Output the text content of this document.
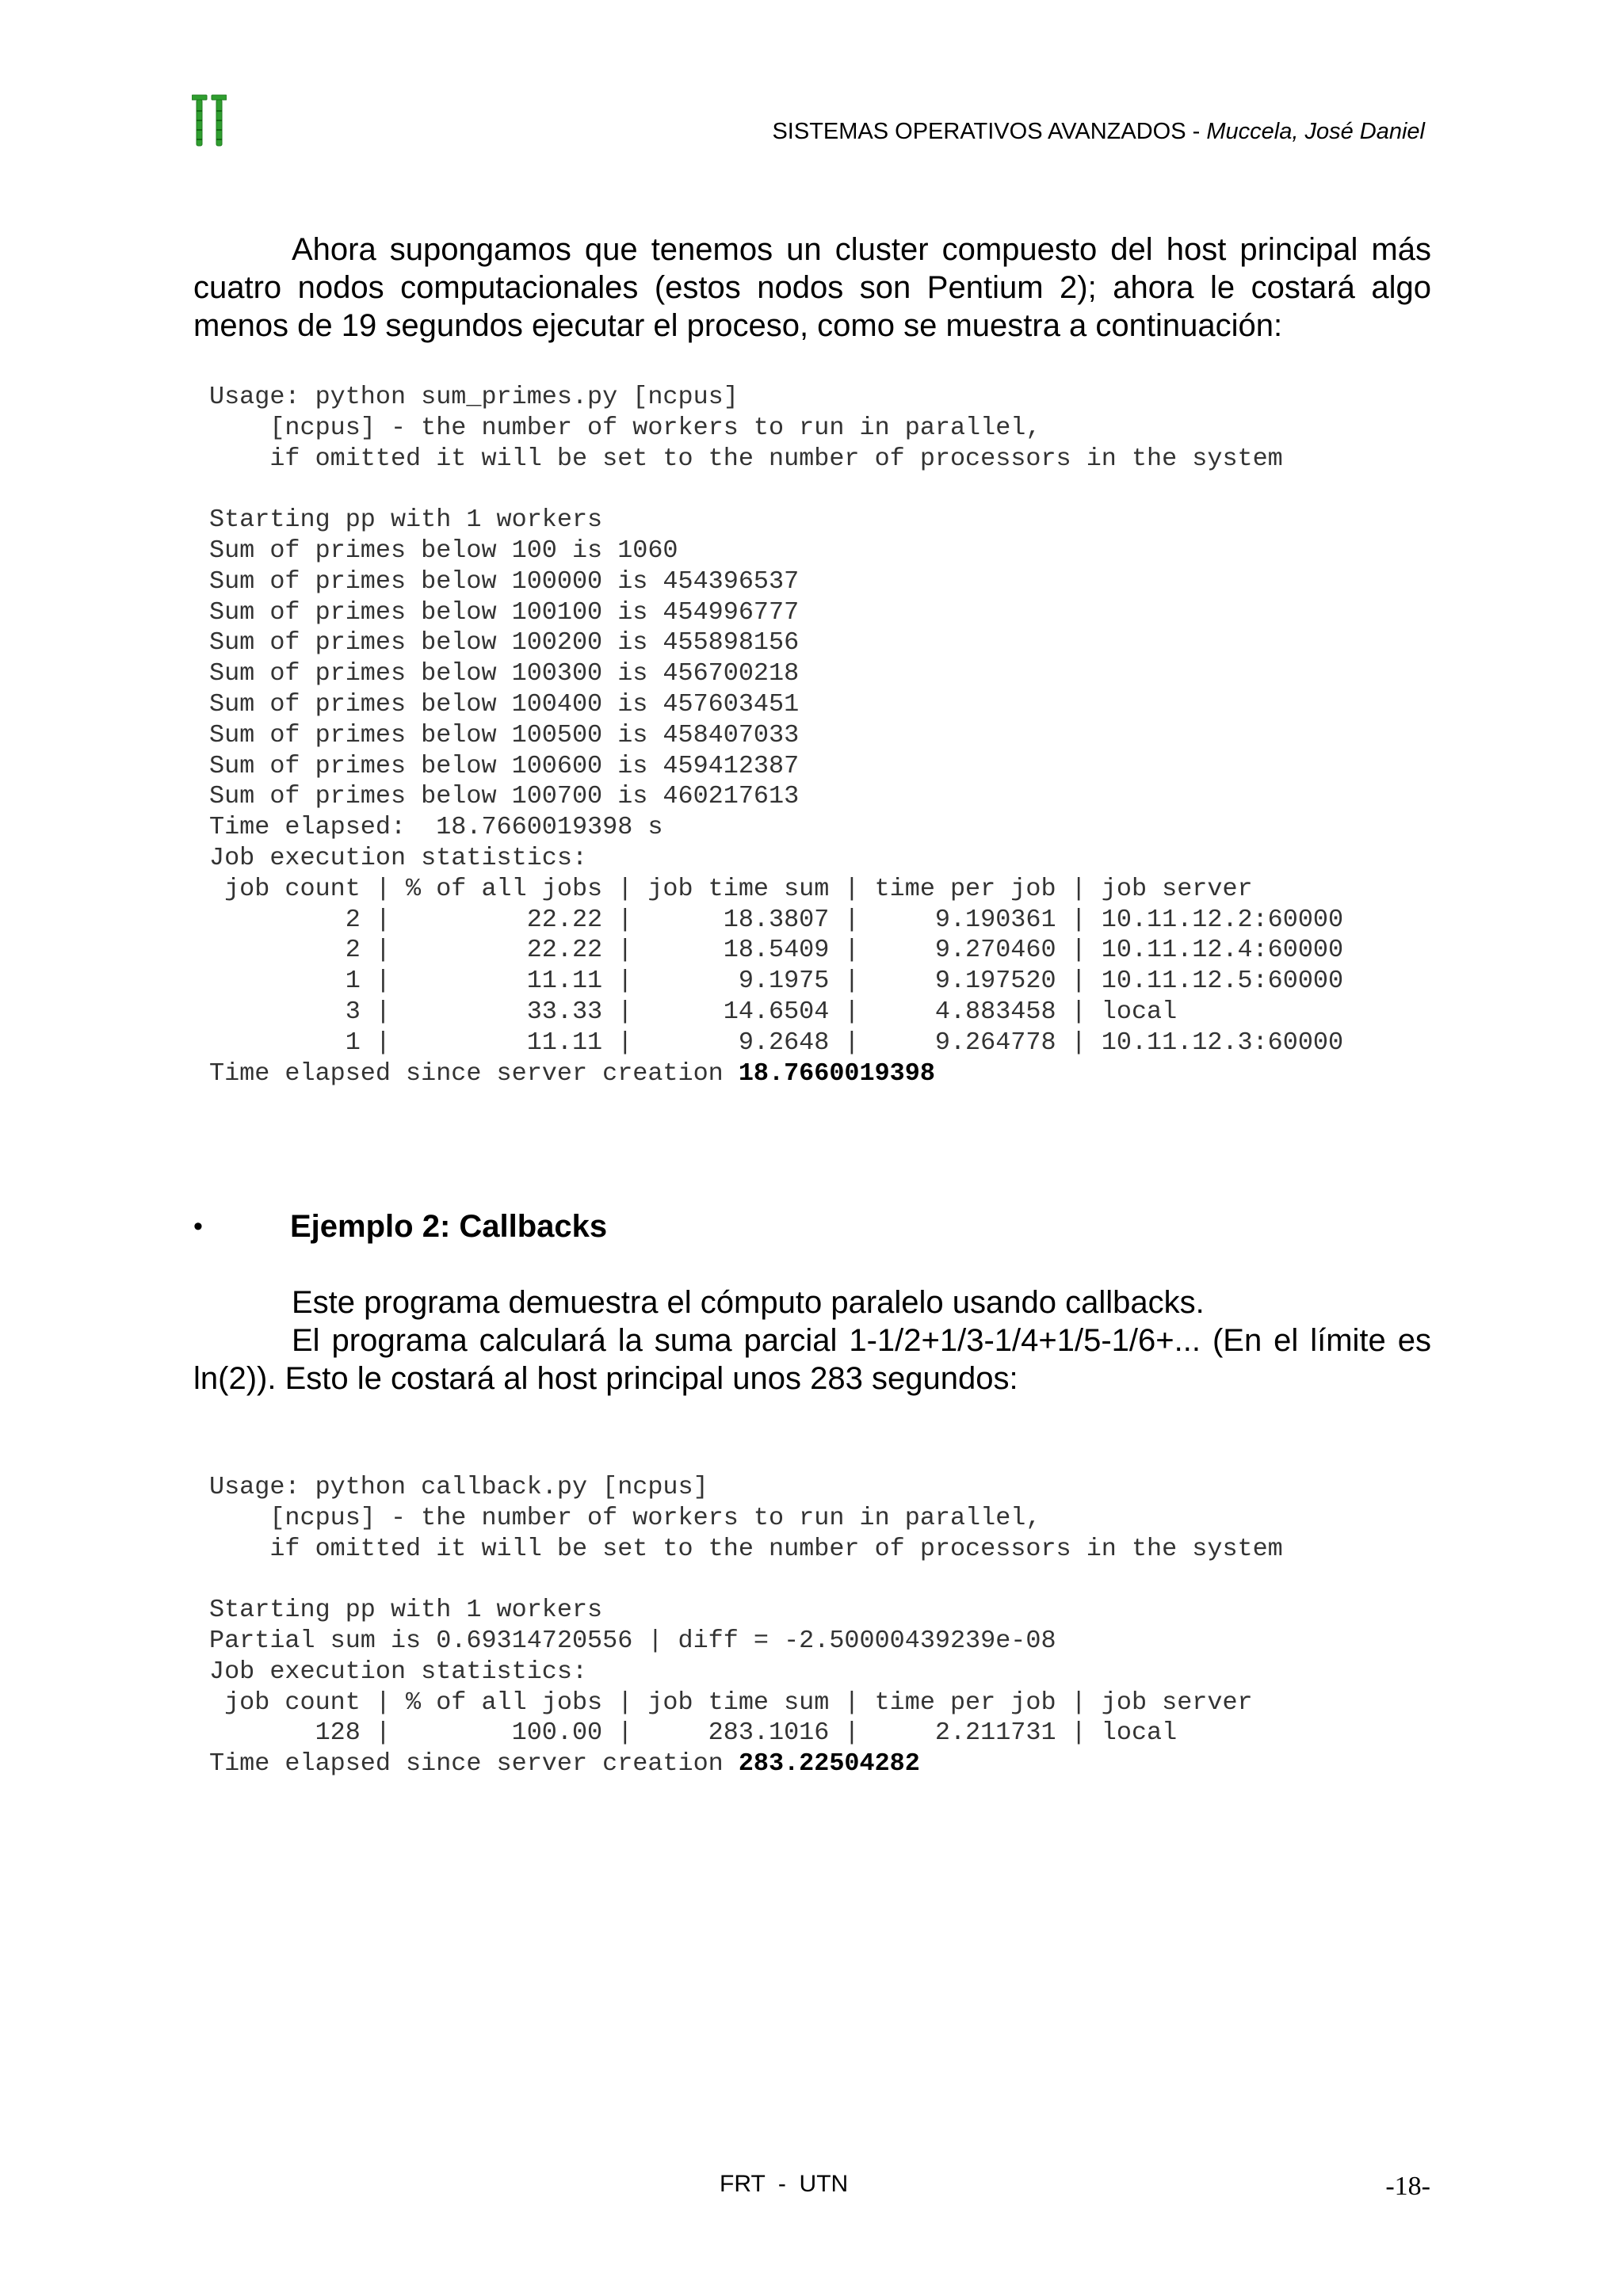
SISTEMAS OPERATIVOS AVANZADOS - Muccela, José Daniel

Ahora supongamos que tenemos un cluster compuesto del host principal más cuatro nodos computacionales (estos nodos son Pentium 2); ahora le costará algo menos de 19 segundos ejecutar el proceso, como se muestra a continuación:

Usage: python sum_primes.py [ncpus]
[ncpus] - the number of workers to run in parallel,
if omitted it will be set to the number of processors in the system

Starting pp with 1 workers
Sum of primes below 100 is 1060
Sum of primes below 100000 is 454396537
Sum of primes below 100100 is 454996777
Sum of primes below 100200 is 455898156
Sum of primes below 100300 is 456700218
Sum of primes below 100400 is 457603451
Sum of primes below 100500 is 458407033
Sum of primes below 100600 is 459412387
Sum of primes below 100700 is 460217613
Time elapsed:  18.7660019398 s
Job execution statistics:
job count | % of all jobs | job time sum | time per job | job server
2 |         22.22 |      18.3807 |     9.190361 | 10.11.12.2:60000
2 |         22.22 |      18.5409 |     9.270460 | 10.11.12.4:60000
1 |         11.11 |       9.1975 |     9.197520 | 10.11.12.5:60000
3 |         33.33 |      14.6504 |     4.883458 | local
1 |         11.11 |       9.2648 |     9.264778 | 10.11.12.3:60000
Time elapsed since server creation 18.7660019398
•	Ejemplo 2: Callbacks

Este programa demuestra el cómputo paralelo usando callbacks.

El programa calculará la suma parcial 1-1/2+1/3-1/4+1/5-1/6+... (En el límite es ln(2)). Esto le costará al host principal unos 283 segundos:

Usage: python callback.py [ncpus]
[ncpus] - the number of workers to run in parallel,
if omitted it will be set to the number of processors in the system

Starting pp with 1 workers
Partial sum is 0.69314720556 | diff = -2.50000439239e-08
Job execution statistics:
job count | % of all jobs | job time sum | time per job | job server
128 |        100.00 |     283.1016 |     2.211731 | local
Time elapsed since server creation 283.22504282
FRT  -  UTN	-18-
